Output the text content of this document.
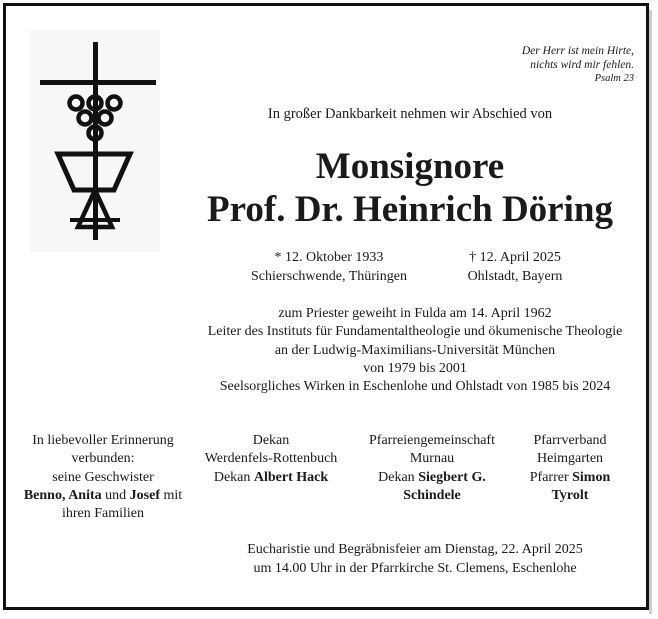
Der Herr ist mein Hirte,
nichts wird mir fehlen.
Psalm 23
In großer Dankbarkeit nehmen wir Abschied von
Monsignore
Prof. Dr. Heinrich Döring
* 12. Oktober 1933
Schierschwende, Thüringen
† 12. April 2025
Ohlstadt, Bayern
zum Priester geweiht in Fulda am 14. April 1962
Leiter des Instituts für Fundamentaltheologie und ökumenische Theologie
an der Ludwig-Maximilians-Universität München
von 1979 bis 2001
Seelsorgliches Wirken in Eschenlohe und Ohlstadt von 1985 bis 2024
In liebevoller Erinnerung
verbunden:
seine Geschwister
Benno, Anita und Josef mit
ihren Familien
Dekan
Werdenfels-Rottenbuch
Dekan Albert Hack
Pfarreiengemeinschaft
Murnau
Dekan Siegbert G.
Schindele
Pfarrverband
Heimgarten
Pfarrer Simon
Tyrolt
Eucharistie und Begräbnisfeier am Dienstag, 22. April 2025
um 14.00 Uhr in der Pfarrkirche St. Clemens, Eschenlohe
